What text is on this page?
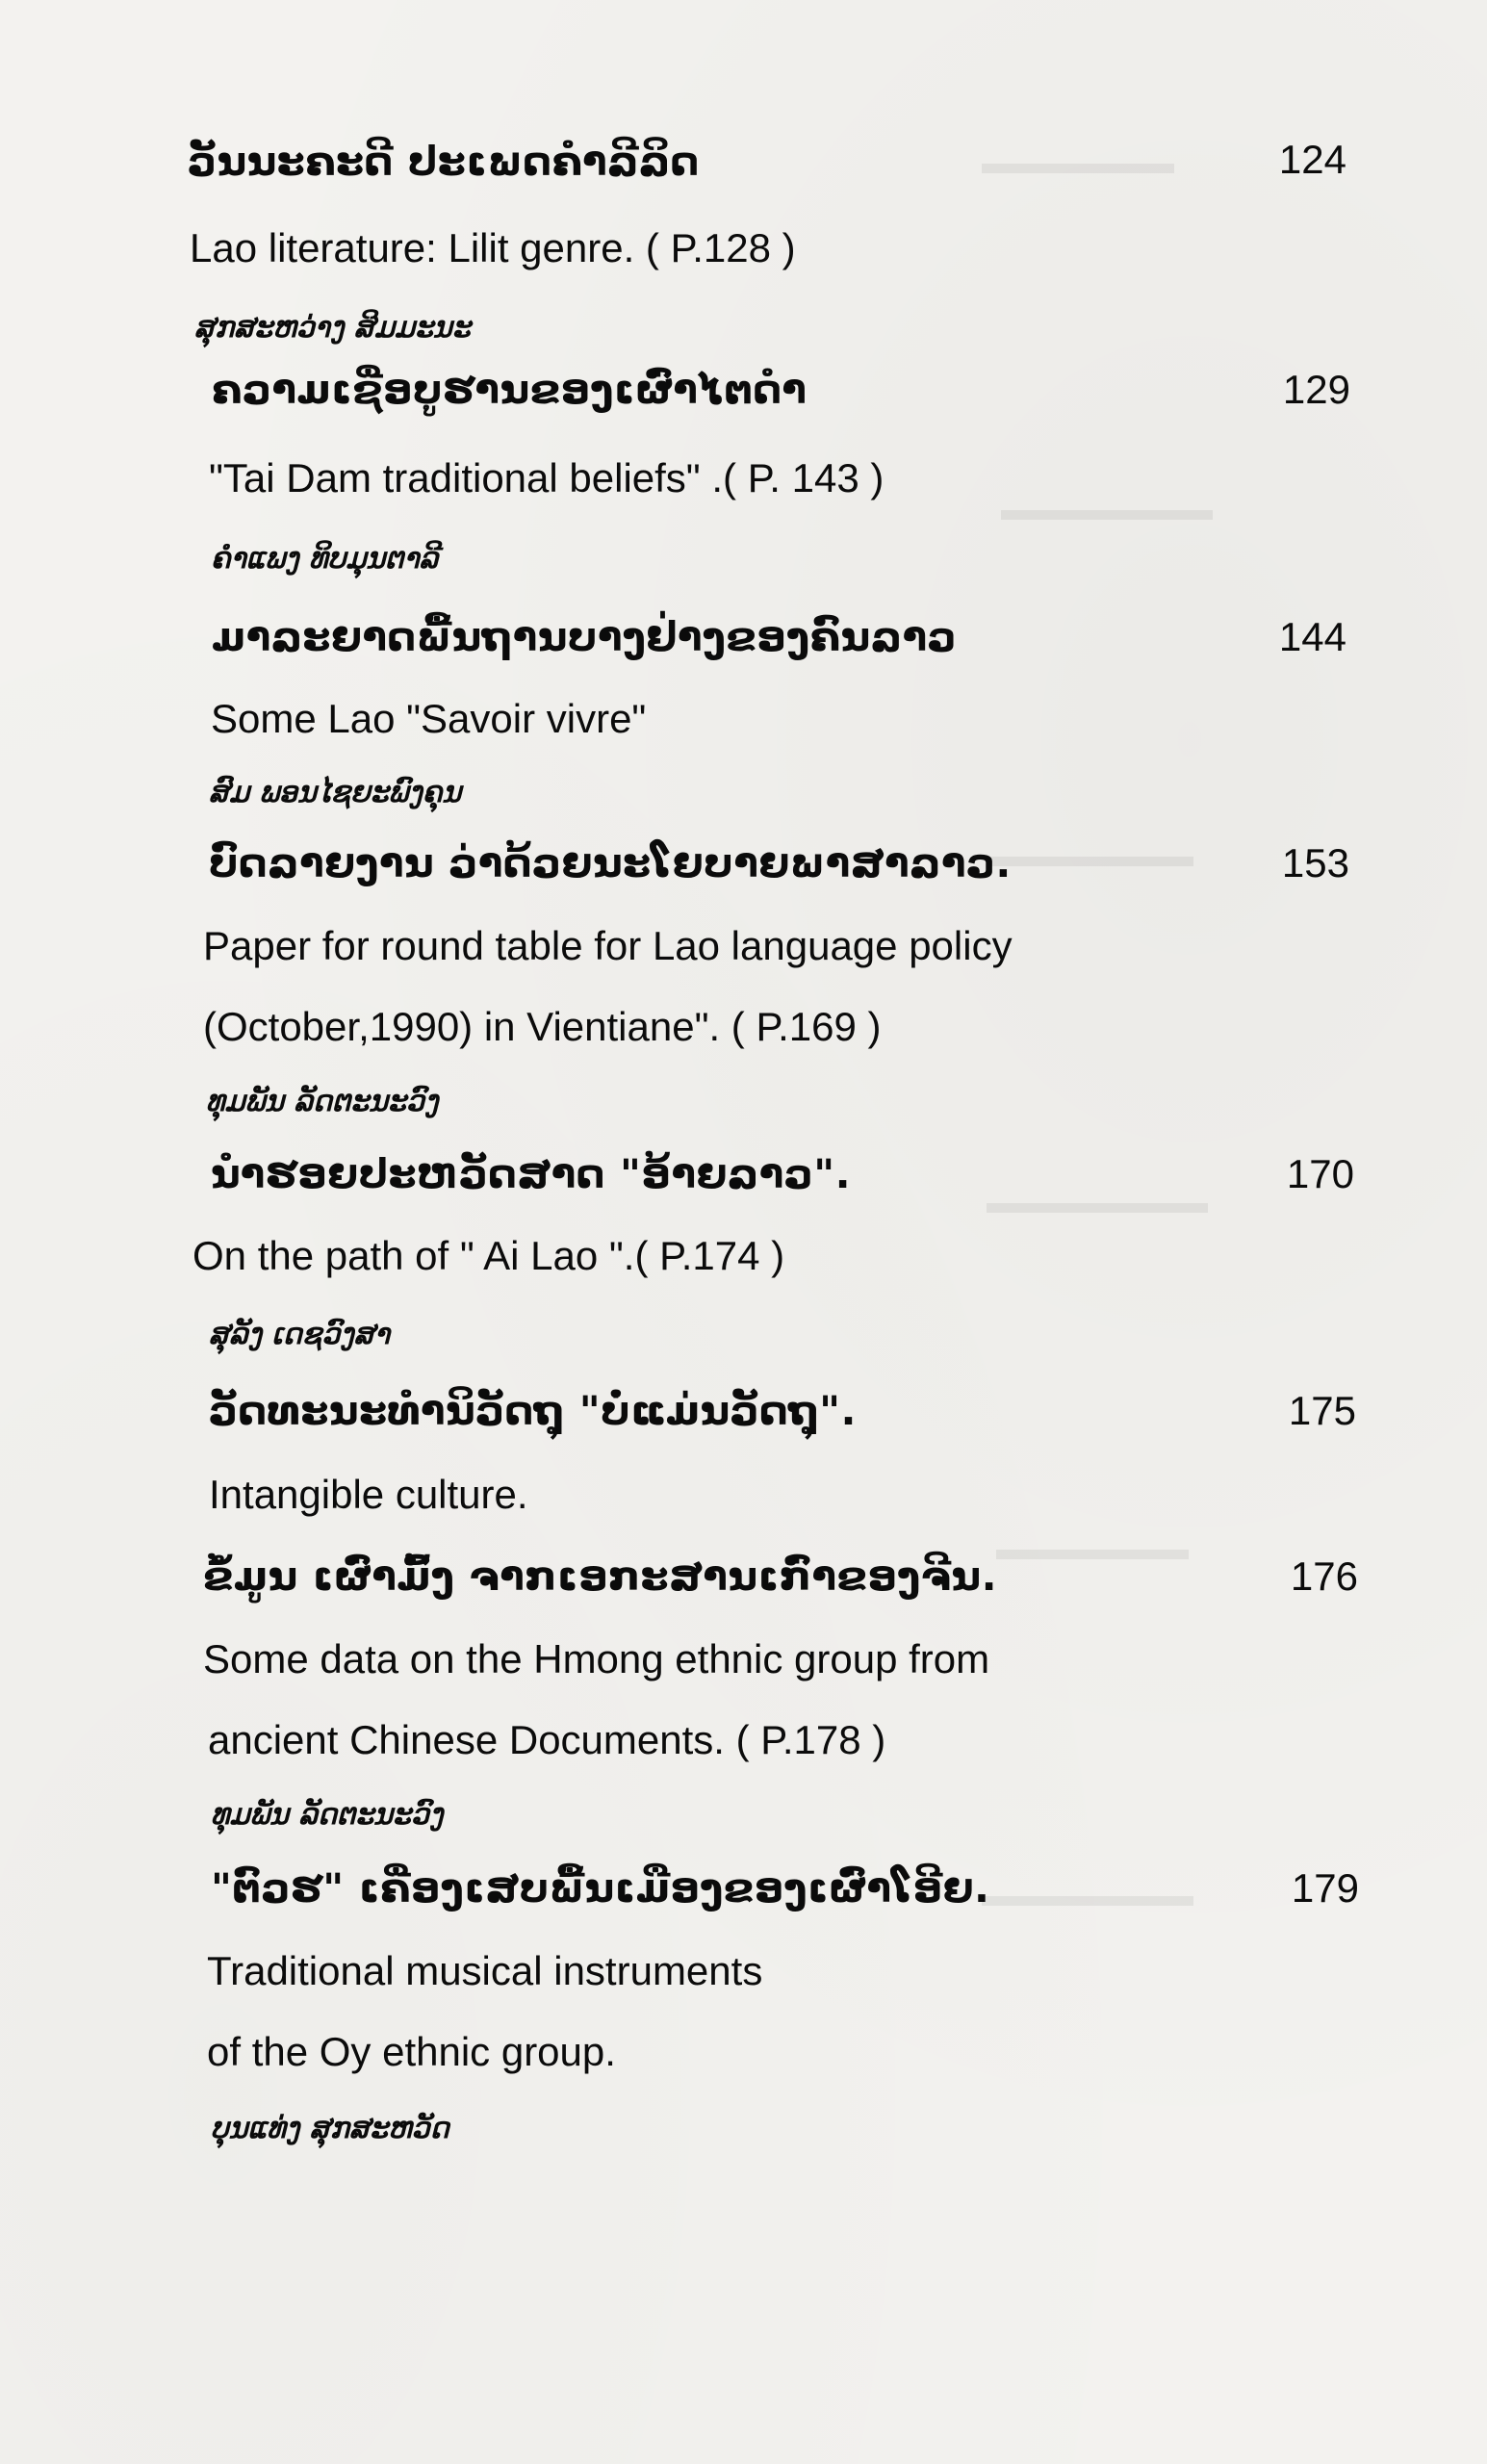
ວັນນະຄະດີ ປະເພດຄຳລີລິດ	124
Lao literature: Lilit genre. ( P.128 )
ສຸກສະຫວ່າງ ສິມມະນະ
ຄວາມເຊື່ອບູຮານຂອງເຜົ່າໄຕດຳ	129
"Tai Dam traditional beliefs" .( P. 143 )
ຄຳແພງ ທິບມຸນຕາລີ
ມາລະຍາດພື້ນຖານບາງຢ່າງຂອງຄົນລາວ	144
Some Lao "Savoir vivre"
ສົມ ພອນໄຊຍະພົງຄຸນ
ບົດລາຍງານ ວ່າດ້ວຍນະໂຍບາຍພາສາລາວ.	153
Paper for round table for Lao language policy
(October,1990) in Vientiane". ( P.169 )
ທຸມພັນ ລັດຕະນະວົງ
ນຳຮອຍປະຫວັດສາດ "ອ້າຍລາວ".	170
On the path of " Ai Lao ".( P.174 )
ສຸລັງ ເດຊວົງສາ
ວັດທະນະທຳນິວັດຖຸ "ບໍ່ແມ່ນວັດຖຸ".	175
Intangible culture.
ຂໍ້ມູນ ເຜົ່າມົ້ງ ຈາກເອກະສານເກົ່າຂອງຈີນ.	176
Some data on the Hmong ethnic group from
ancient Chinese Documents. ( P.178 )
ທຸມພັນ ລັດຕະນະວົງ
"ຕົວຮ" ເຄື່ອງເສບພື້ນເມືອງຂອງເຜົ່າໂອີຍ.	179
Traditional musical instruments
of the Oy ethnic group.
ບຸນແທ່ງ ສຸກສະຫວັດ
